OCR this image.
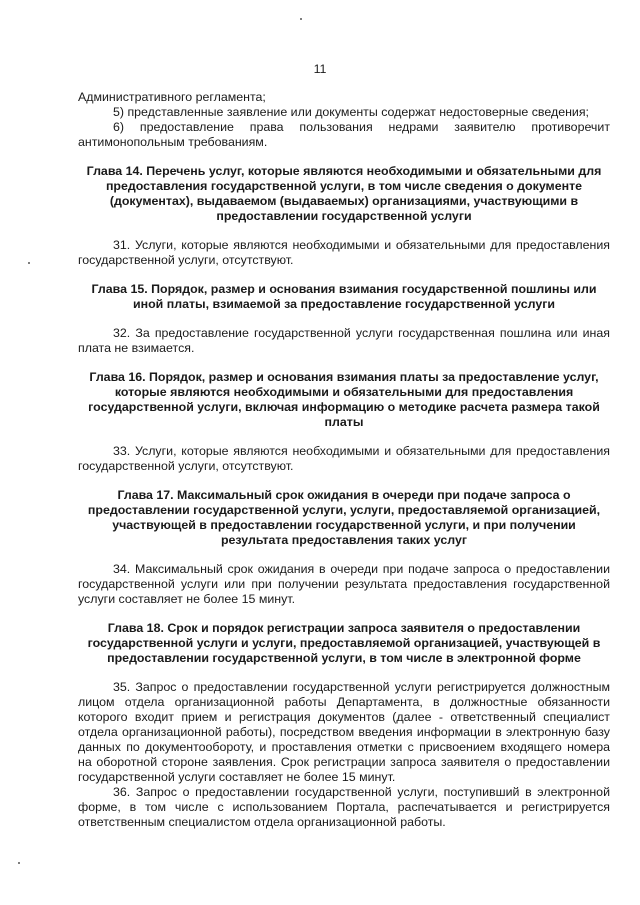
11

Административного регламента;

5) представленные заявление или документы содержат недостоверные сведения;

6) предоставление права пользования недрами заявителю противоречит антимонопольным требованиям.

Глава 14. Перечень услуг, которые являются необходимыми и обязательными для предоставления государственной услуги, в том числе сведения о документе (документах), выдаваемом (выдаваемых) организациями, участвующими в предоставлении государственной услуги

31. Услуги, которые являются необходимыми и обязательными для предоставления государственной услуги, отсутствуют.

Глава 15. Порядок, размер и основания взимания государственной пошлины или иной платы, взимаемой за предоставление государственной услуги

32. За предоставление государственной услуги государственная пошлина или иная плата не взимается.

Глава 16. Порядок, размер и основания взимания платы за предоставление услуг, которые являются необходимыми и обязательными для предоставления государственной услуги, включая информацию о методике расчета размера такой платы

33. Услуги, которые являются необходимыми и обязательными для предоставления государственной услуги, отсутствуют.

Глава 17. Максимальный срок ожидания в очереди при подаче запроса о предоставлении государственной услуги, услуги, предоставляемой организацией, участвующей в предоставлении государственной услуги, и при получении результата предоставления таких услуг

34. Максимальный срок ожидания в очереди при подаче запроса о предоставлении государственной услуги или при получении результата предоставления государственной услуги составляет не более 15 минут.

Глава 18. Срок и порядок регистрации запроса заявителя о предоставлении государственной услуги и услуги, предоставляемой организацией, участвующей в предоставлении государственной услуги, в том числе в электронной форме

35. Запрос о предоставлении государственной услуги регистрируется должностным лицом отдела организационной работы Департамента, в должностные обязанности которого входит прием и регистрация документов (далее - ответственный специалист отдела организационной работы), посредством введения информации в электронную базу данных по документообороту, и проставления отметки с присвоением входящего номера на оборотной стороне заявления. Срок регистрации запроса заявителя о предоставлении государственной услуги составляет не более 15 минут.

36. Запрос о предоставлении государственной услуги, поступивший в электронной форме, в том числе с использованием Портала, распечатывается и регистрируется ответственным специалистом отдела организационной работы.
